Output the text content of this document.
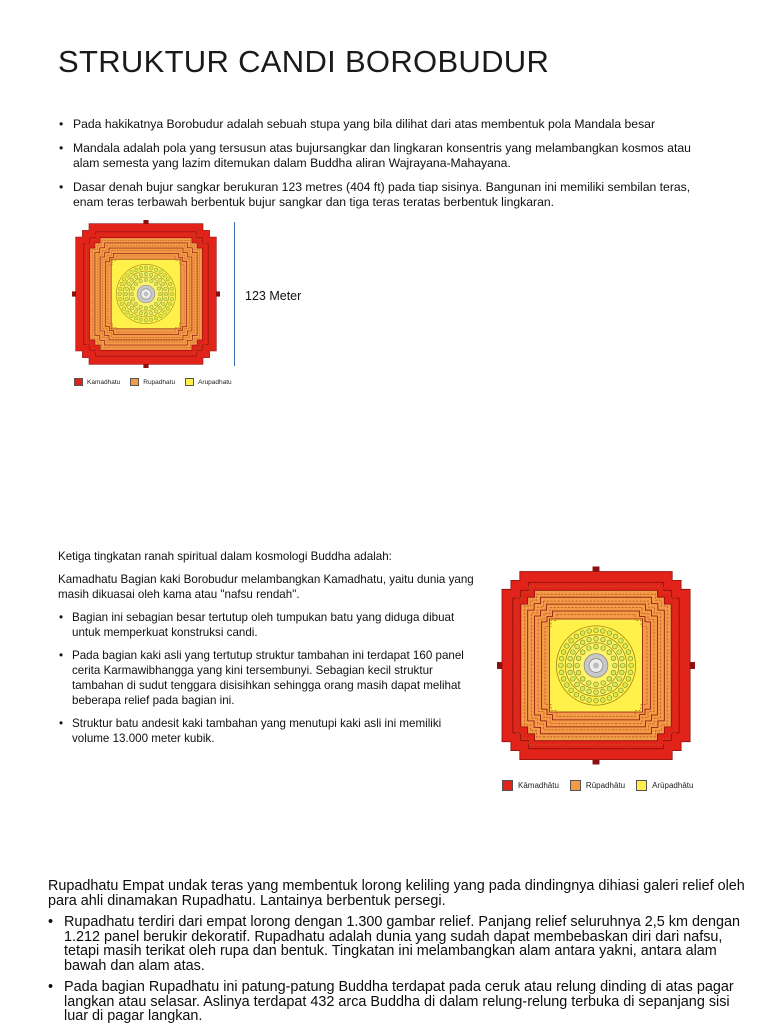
STRUKTUR CANDI BOROBUDUR
• Pada hakikatnya Borobudur adalah sebuah stupa yang bila dilihat dari atas membentuk pola Mandala besar
• Mandala adalah pola yang tersusun atas bujursangkar dan lingkaran konsentris yang melambangkan kosmos atau alam semesta yang lazim ditemukan dalam Buddha aliran Wajrayana-Mahayana.
• Dasar denah bujur sangkar berukuran 123 metres (404 ft) pada tiap sisinya. Bangunan ini memiliki sembilan teras, enam teras terbawah berbentuk bujur sangkar dan tiga teras teratas berbentuk lingkaran.
Kamadhatu	Rupadhatu	Arupadhatu
123 Meter

Ketiga tingkatan ranah spiritual dalam kosmologi Buddha adalah:

Kamadhatu Bagian kaki Borobudur melambangkan Kamadhatu, yaitu dunia yang masih dikuasai oleh kama atau "nafsu rendah".

• Bagian ini sebagian besar tertutup oleh tumpukan batu yang diduga dibuat untuk memperkuat konstruksi candi.
• Pada bagian kaki asli yang tertutup struktur tambahan ini terdapat 160 panel cerita Karmawibhangga yang kini tersembunyi. Sebagian kecil struktur tambahan di sudut tenggara disisihkan sehingga orang masih dapat melihat beberapa relief pada bagian ini.
• Struktur batu andesit kaki tambahan yang menutupi kaki asli ini memiliki volume 13.000 meter kubik.
Kāmadhātu	Rūpadhātu	Arūpadhātu

Rupadhatu Empat undak teras yang membentuk lorong keliling yang pada dindingnya dihiasi galeri relief oleh para ahli dinamakan Rupadhatu. Lantainya berbentuk persegi.

• Rupadhatu terdiri dari empat lorong dengan 1.300 gambar relief. Panjang relief seluruhnya 2,5 km dengan 1.212 panel berukir dekoratif. Rupadhatu adalah dunia yang sudah dapat membebaskan diri dari nafsu, tetapi masih terikat oleh rupa dan bentuk. Tingkatan ini melambangkan alam antara yakni, antara alam bawah dan alam atas.
• Pada bagian Rupadhatu ini patung-patung Buddha terdapat pada ceruk atau relung dinding di atas pagar langkan atau selasar. Aslinya terdapat 432 arca Buddha di dalam relung-relung terbuka di sepanjang sisi luar di pagar langkan.
